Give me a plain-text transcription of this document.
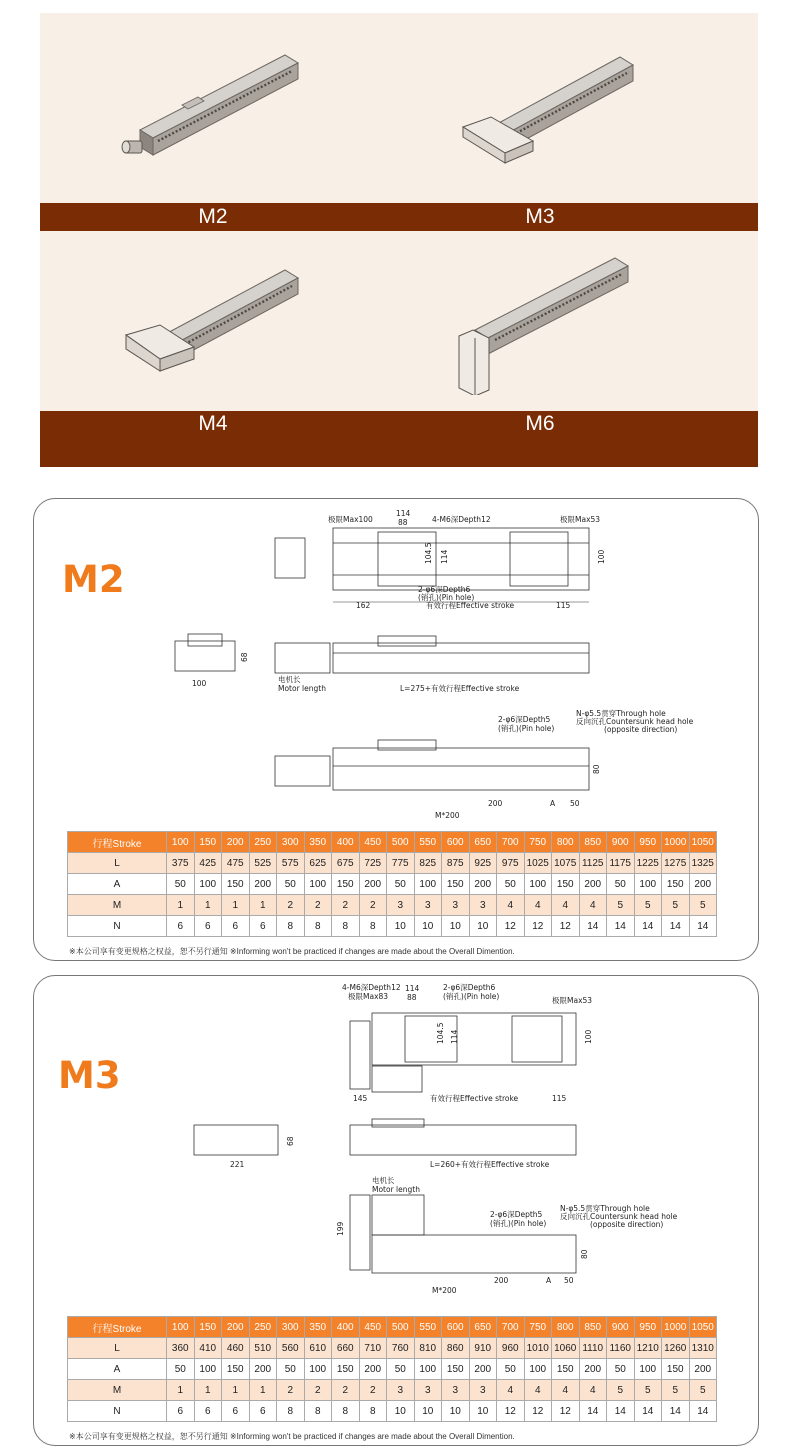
M2	M3
M4	M6
M2
极限Max100
114
88	4-M6深Depth12	极限Max53
100
104.5 114
2-φ6深Depth6
(销孔)(Pin hole)
162	有效行程Effective stroke	115
100
68
电机长
Motor length	L=275+有效行程Effective stroke
2-φ6深Depth5
(销孔)(Pin hole)
N-φ5.5贯穿Through hole
反向沉孔Countersunk head hole
(opposite direction)
80
200	A 50
M*200
行程Stroke	100	150	200	250	300	350	400	450	500	550	600	650	700	750	800	850	900	950	1000	1050
L	375	425	475	525	575	625	675	725	775	825	875	925	975	1025	1075	1125	1175	1225	1275	1325
A	50	100	150	200	50	100	150	200	50	100	150	200	50	100	150	200	50	100	150	200
M	1	1	1	1	2	2	2	2	3	3	3	3	4	4	4	4	5	5	5	5
N	6	6	6	6	8	8	8	8	10	10	10	10	12	12	12	14	14	14	14	14
※本公司享有变更规格之权益，恕不另行通知 ※Informing won't be practiced if changes are made about the Overall Dimention.
M3
4-M6深Depth12
极限Max83
114
88
2-φ6深Depth6
(销孔)(Pin hole)	极限Max53
100
104.5 114
145	有效行程Effective stroke	115
221
68
L=260+有效行程Effective stroke
电机长
Motor length
199
2-φ6深Depth5
(销孔)(Pin hole)
N-φ5.5贯穿Through hole
反向沉孔Countersunk head hole
(opposite direction)
80
200	A 50
M*200
行程Stroke	100	150	200	250	300	350	400	450	500	550	600	650	700	750	800	850	900	950	1000	1050
L	360	410	460	510	560	610	660	710	760	810	860	910	960	1010	1060	1110	1160	1210	1260	1310
A	50	100	150	200	50	100	150	200	50	100	150	200	50	100	150	200	50	100	150	200
M	1	1	1	1	2	2	2	2	3	3	3	3	4	4	4	4	5	5	5	5
N	6	6	6	6	8	8	8	8	10	10	10	10	12	12	12	14	14	14	14	14
※本公司享有变更规格之权益，恕不另行通知 ※Informing won't be practiced if changes are made about the Overall Dimention.
